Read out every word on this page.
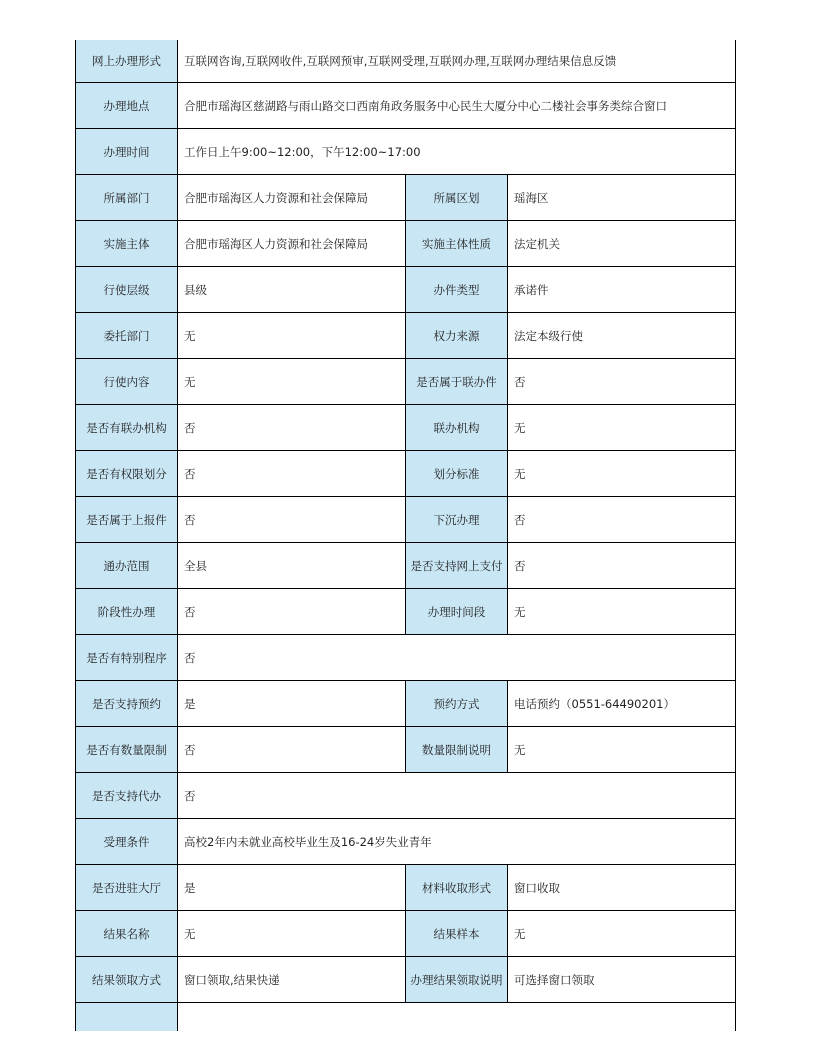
网上办理形式	互联网咨询,互联网收件,互联网预审,互联网受理,互联网办理,互联网办理结果信息反馈		
办理地点	合肥市瑶海区慈湖路与雨山路交口西南角政务服务中心民生大厦分中心二楼社会事务类综合窗口		
办理时间	工作日上午9:00~12:00，下午12:00~17:00		
所属部门	合肥市瑶海区人力资源和社会保障局	所属区划	瑶海区
实施主体	合肥市瑶海区人力资源和社会保障局	实施主体性质	法定机关
行使层级	县级	办件类型	承诺件
委托部门	无	权力来源	法定本级行使
行使内容	无	是否属于联办件	否
是否有联办机构	否	联办机构	无
是否有权限划分	否	划分标准	无
是否属于上报件	否	下沉办理	否
通办范围	全县	是否支持网上支付	否
阶段性办理	否	办理时间段	无
是否有特别程序	否		
是否支持预约	是	预约方式	电话预约（0551-64490201）
是否有数量限制	否	数量限制说明	无
是否支持代办	否		
受理条件	高校2年内未就业高校毕业生及16-24岁失业青年		
是否进驻大厅	是	材料收取形式	窗口收取
结果名称	无	结果样本	无
结果领取方式	窗口领取,结果快递	办理结果领取说明	可选择窗口领取
